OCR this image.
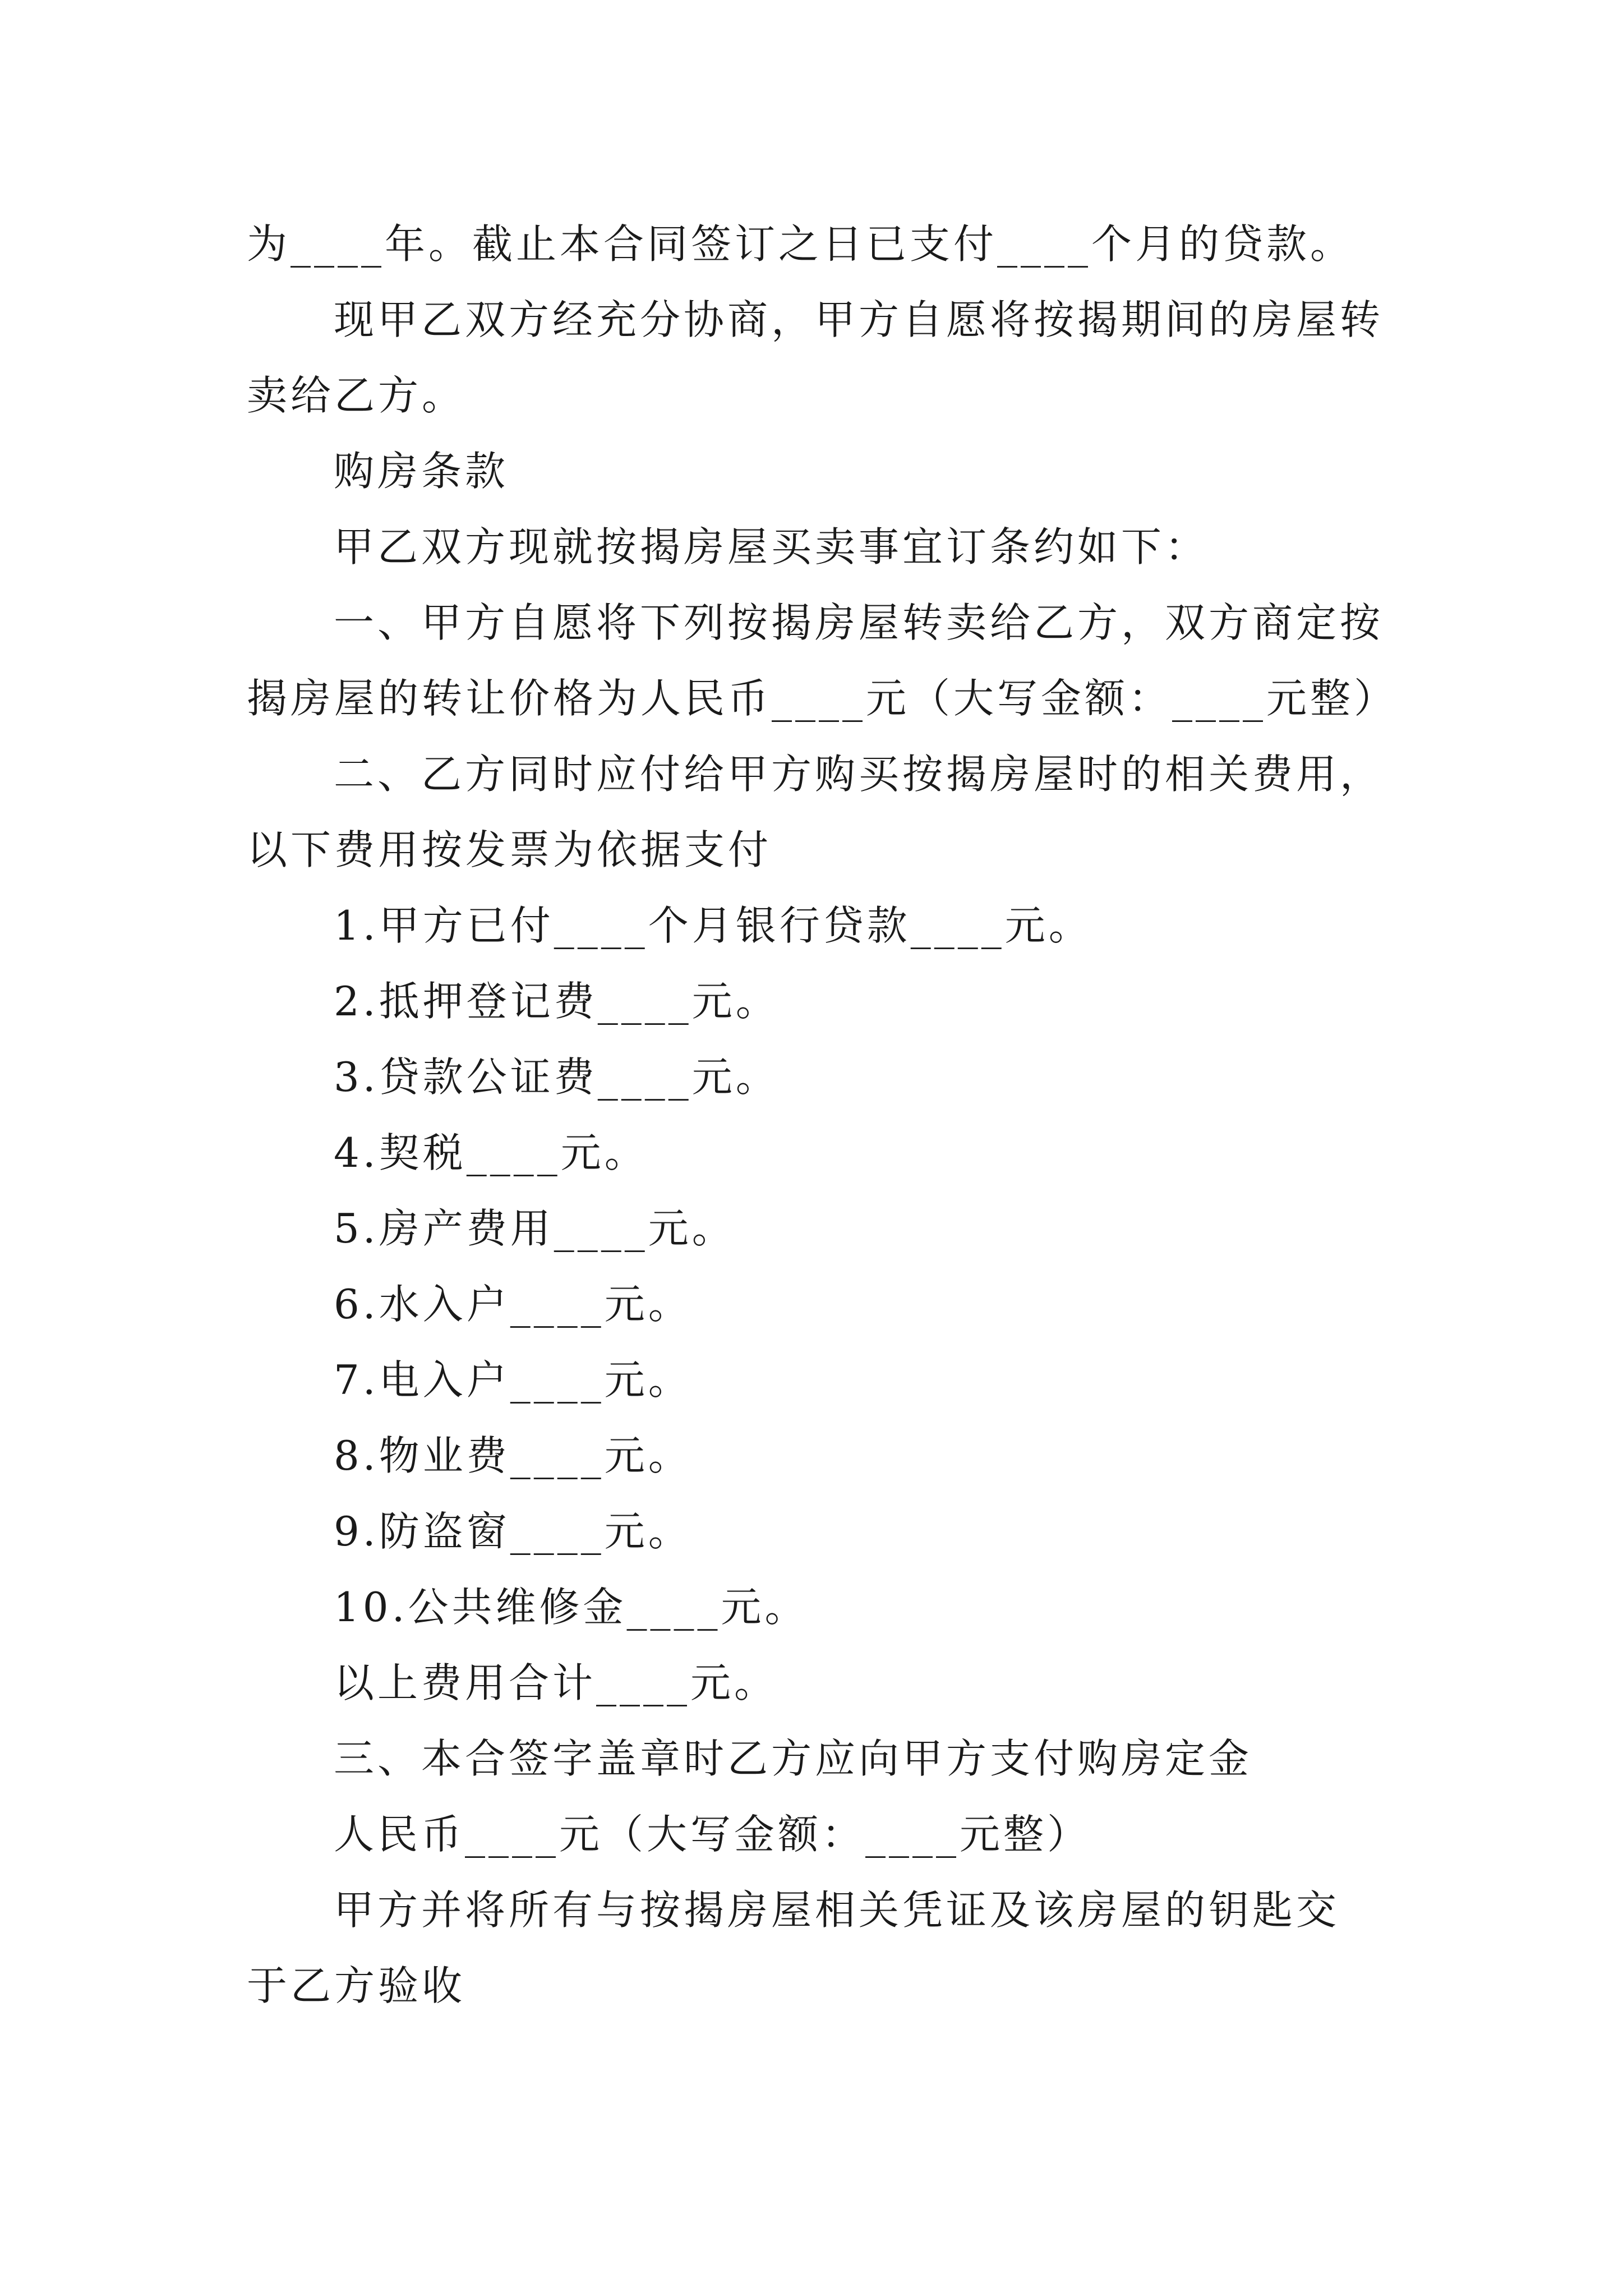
为____年。截止本合同签订之日已支付____个月的贷款。
现甲乙双方经充分协商，甲方自愿将按揭期间的房屋转
卖给乙方。
购房条款
甲乙双方现就按揭房屋买卖事宜订条约如下：
一、甲方自愿将下列按揭房屋转卖给乙方，双方商定按
揭房屋的转让价格为人民币____元（大写金额：____元整）
二、乙方同时应付给甲方购买按揭房屋时的相关费用，
以下费用按发票为依据支付
1.甲方已付____个月银行贷款____元。
2.抵押登记费____元。
3.贷款公证费____元。
4.契税____元。
5.房产费用____元。
6.水入户____元。
7.电入户____元。
8.物业费____元。
9.防盗窗____元。
10.公共维修金____元。
以上费用合计____元。
三、本合签字盖章时乙方应向甲方支付购房定金
人民币____元（大写金额：____元整）
甲方并将所有与按揭房屋相关凭证及该房屋的钥匙交
于乙方验收
